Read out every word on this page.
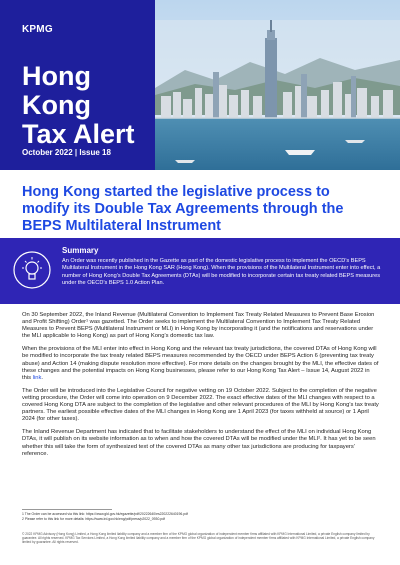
KPMG
Hong Kong
Tax Alert
October 2022 | Issue 18
Hong Kong started the legislative process to modify its Double Tax Agreements through the BEPS Multilateral Instrument
Summary
An Order was recently published in the Gazette as part of the domestic legislative process to implement the OECD’s BEPS Multilateral Instrument in the Hong Kong SAR (Hong Kong). When the provisions of the Multilateral Instrument enter into effect, a number of Hong Kong’s Double Tax Agreements (DTAs) will be modified to incorporate certain tax treaty related BEPS measures under the OECD’s BEPS 1.0 Action Plan.

On 30 September 2022, the Inland Revenue (Multilateral Convention to Implement Tax Treaty Related Measures to Prevent Base Erosion and Profit Shifting) Order¹ was gazetted. The Order seeks to implement the Multilateral Convention to Implement Tax Treaty Related Measures to Prevent BEPS (Multilateral Instrument or MLI) in Hong Kong by incorporating it (and the notifications and reservations under the MLI applicable to Hong Kong) as part of Hong Kong’s domestic tax law.

When the provisions of the MLI enter into effect in Hong Kong and the relevant tax treaty jurisdictions, the covered DTAs of Hong Kong will be modified to incorporate the tax treaty related BEPS measures recommended by the OECD under BEPS Action 6 (preventing tax treaty abuse) and Action 14 (making dispute resolution more effective). For more details on the changes brought by the MLI, the effective dates of these changes and the potential impacts on Hong Kong businesses, please refer to our Hong Kong Tax Alert – Issue 14, August 2022 in this link.

The Order will be introduced into the Legislative Council for negative vetting on 19 October 2022. Subject to the completion of the negative vetting procedure, the Order will come into operation on 9 December 2022. The exact effective dates of the MLI changes with respect to a covered Hong Kong DTA are subject to the completion of the legislative and other relevant procedures of the MLI by Hong Kong’s tax treaty partners. The earliest possible effective dates of the MLI changes in Hong Kong are 1 April 2023 (for taxes withheld at source) or 1 April 2024 (for other taxes).

The Inland Revenue Department has indicated that to facilitate stakeholders to understand the effect of the MLI on individual Hong Kong DTAs, it will publish on its website information as to when and how the covered DTAs will be modified under the MLI². It has yet to be seen whether this will take the form of synthesized text of the covered DTAs as many other tax jurisdictions are producing for taxpayers’ reference.

1 The Order can be accessed via this link: https://www.gld.gov.hk/egazette/pdf/20222640/es220222640196.pdf
2 Please refer to this link for more details: https://www.ird.gov.hk/eng/pdf/press/p2022_0930.pdf
© 2022 KPMG Advisory (Hong Kong) Limited, a Hong Kong limited liability company and a member firm of the KPMG global organization of independent member firms affiliated with KPMG International Limited, a private English company limited by guarantee. All rights reserved. KPMG Tax Services Limited, a Hong Kong limited liability company and a member firm of the KPMG global organization of independent member firms affiliated with KPMG International Limited, a private English company limited by guarantee. All rights reserved.
